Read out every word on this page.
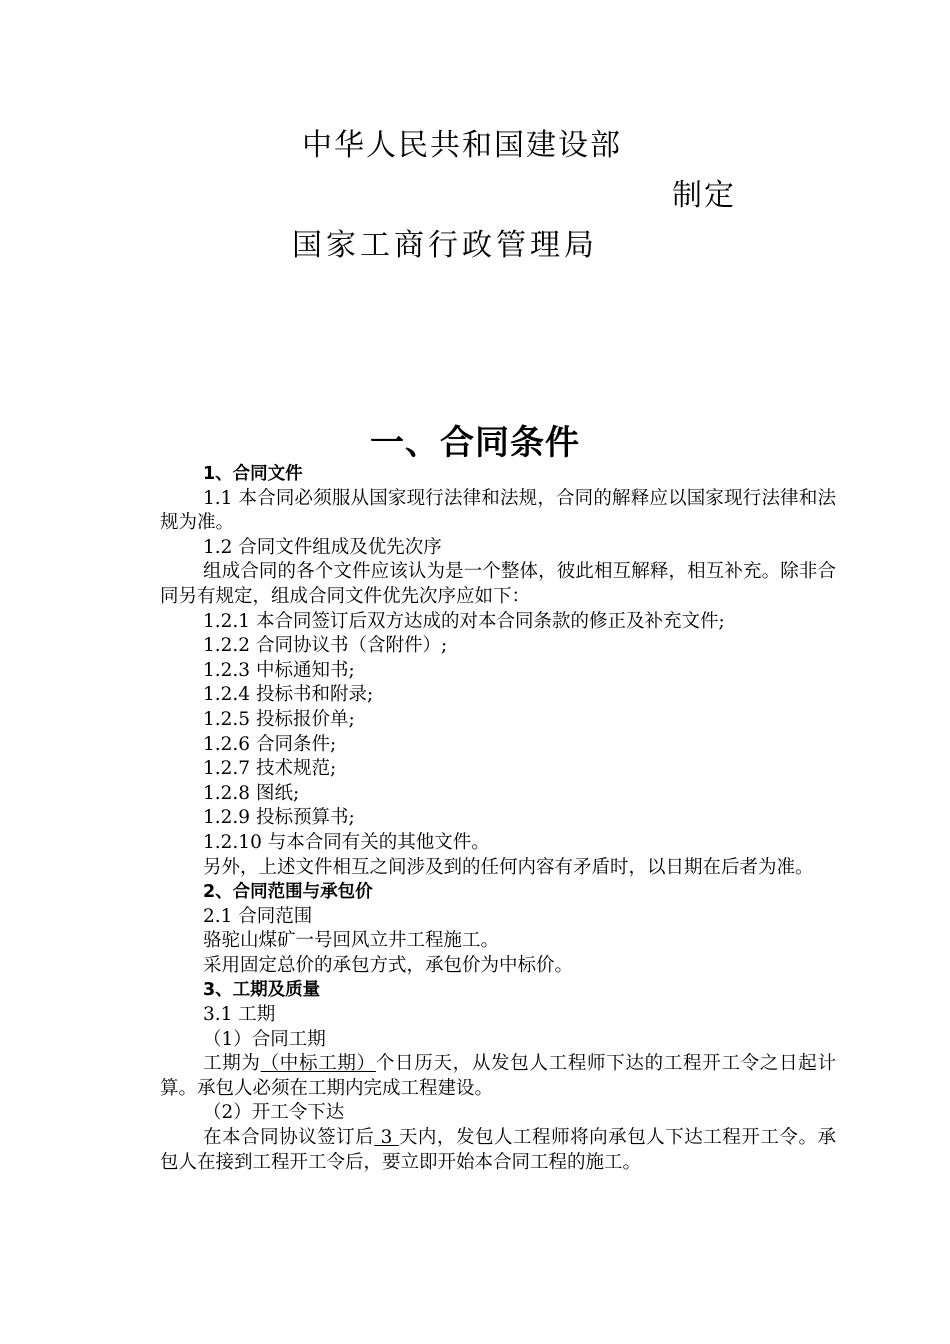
中华人民共和国建设部
制定
国家工商行政管理局
一、合同条件

1、合同文件

1.1 本合同必须服从国家现行法律和法规，合同的解释应以国家现行法律和法规为准。

1.2 合同文件组成及优先次序

组成合同的各个文件应该认为是一个整体，彼此相互解释，相互补充。除非合同另有规定，组成合同文件优先次序应如下：

1.2.1 本合同签订后双方达成的对本合同条款的修正及补充文件;

1.2.2 合同协议书（含附件）;

1.2.3 中标通知书;

1.2.4 投标书和附录;

1.2.5 投标报价单;

1.2.6 合同条件;

1.2.7 技术规范;

1.2.8 图纸;

1.2.9 投标预算书;

1.2.10 与本合同有关的其他文件。

另外，上述文件相互之间涉及到的任何内容有矛盾时，以日期在后者为准。

2、合同范围与承包价

2.1 合同范围

骆驼山煤矿一号回风立井工程施工。

采用固定总价的承包方式，承包价为中标价。

3、工期及质量

3.1 工期

（1）合同工期

工期为（中标工期）个日历天，从发包人工程师下达的工程开工令之日起计算。承包人必须在工期内完成工程建设。

（2）开工令下达

在本合同协议签订后 3 天内，发包人工程师将向承包人下达工程开工令。承包人在接到工程开工令后，要立即开始本合同工程的施工。
